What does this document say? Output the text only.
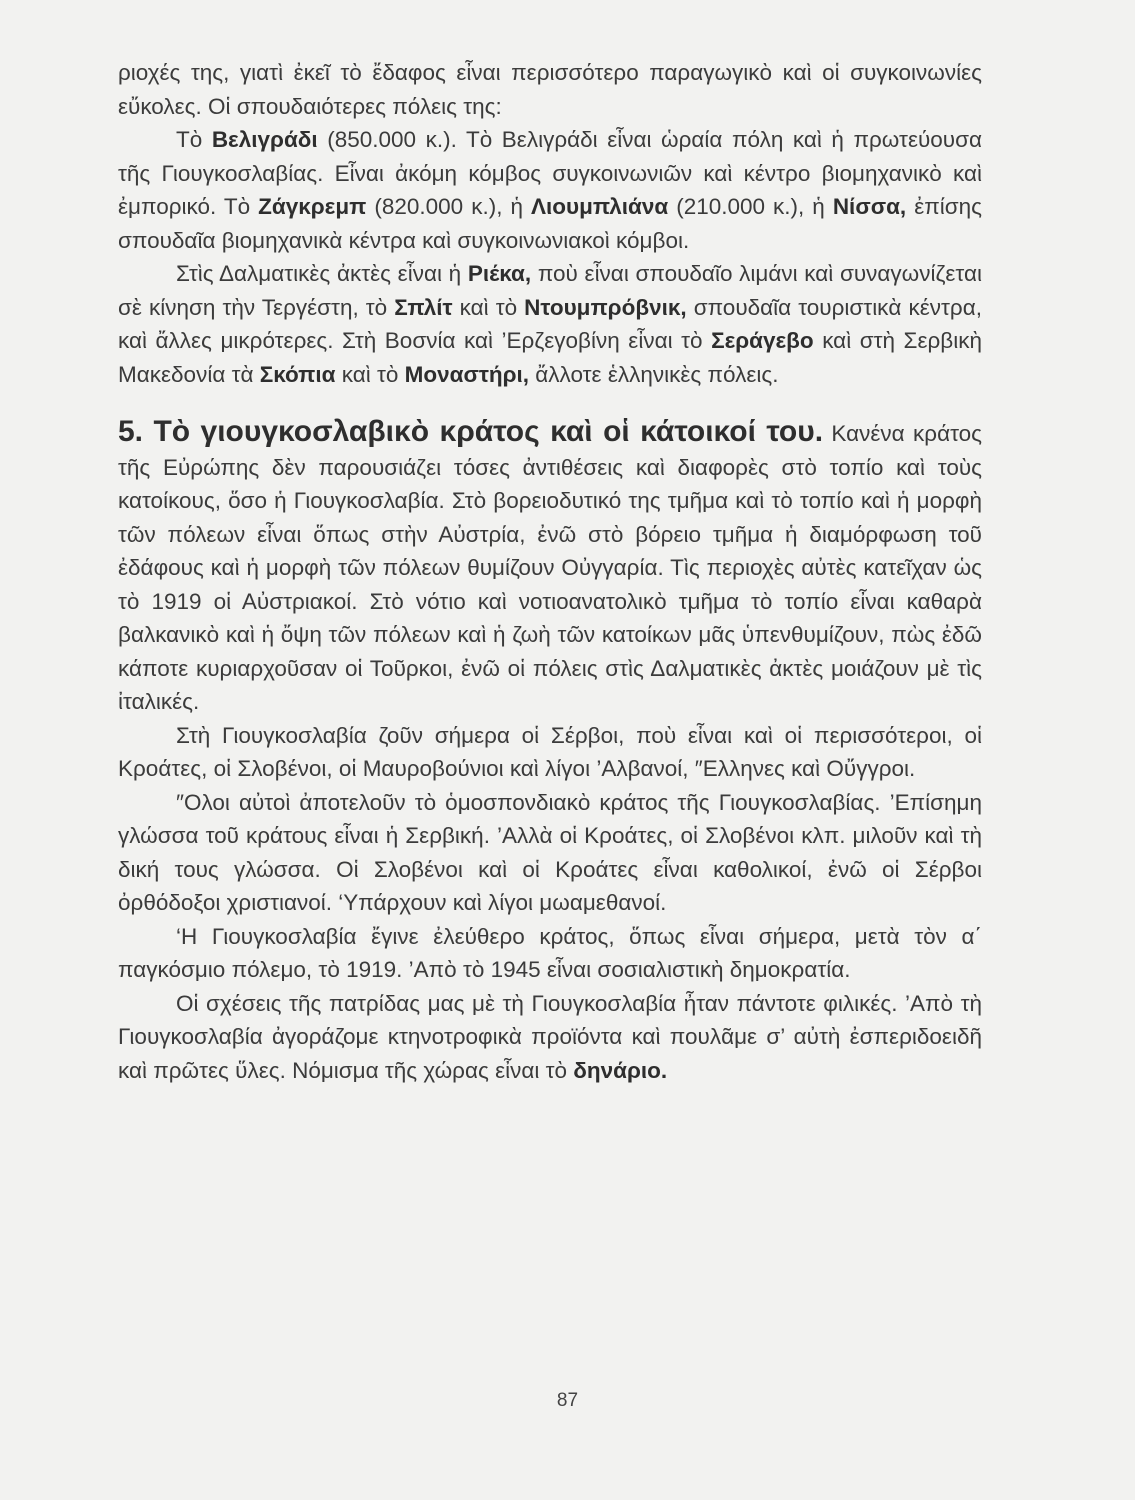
ριοχές της, γιατὶ ἐκεῖ τὸ ἔδαφος εἶναι περισσότερο παραγωγικὸ καὶ οἱ συγκοινωνίες εὔκολες. Οἱ σπουδαιότερες πόλεις της:

Τὸ Βελιγράδι (850.000 κ.). Τὸ Βελιγράδι εἶναι ὡραία πόλη καὶ ἡ πρωτεύουσα τῆς Γιουγκοσλαβίας. Εἶναι ἀκόμη κόμβος συγκοινωνιῶν καὶ κέντρο βιομηχανικὸ καὶ ἐμπορικό. Τὸ Ζάγκρεμπ (820.000 κ.), ἡ Λιουμπλιάνα (210.000 κ.), ἡ Νίσσα, ἐπίσης σπουδαῖα βιομηχανικὰ κέντρα καὶ συγκοινωνιακοὶ κόμβοι.

Στὶς Δαλματικὲς ἀκτὲς εἶναι ἡ Ριέκα, ποὺ εἶναι σπουδαῖο λιμάνι καὶ συναγωνίζεται σὲ κίνηση τὴν Τεργέστη, τὸ Σπλίτ καὶ τὸ Ντουμπρόβνικ, σπουδαῖα τουριστικὰ κέντρα, καὶ ἄλλες μικρότερες. Στὴ Βοσνία καὶ ’Ερζεγοβίνη εἶναι τὸ Σεράγεβο καὶ στὴ Σερβικὴ Μακεδονία τὰ Σκόπια καὶ τὸ Μοναστήρι, ἄλλοτε ἑλληνικὲς πόλεις.

5. Τὸ γιουγκοσλαβικὸ κράτος καὶ οἱ κάτοικοί του. Κανένα κράτος τῆς Εὐρώπης δὲν παρουσιάζει τόσες ἀντιθέσεις καὶ διαφορὲς στὸ τοπίο καὶ τοὺς κατοίκους, ὅσο ἡ Γιουγκοσλαβία. Στὸ βορειοδυτικό της τμῆμα καὶ τὸ τοπίο καὶ ἡ μορφὴ τῶν πόλεων εἶναι ὅπως στὴν Αὐστρία, ἐνῶ στὸ βόρειο τμῆμα ἡ διαμόρφωση τοῦ ἐδάφους καὶ ἡ μορφὴ τῶν πόλεων θυμίζουν Οὐγγαρία. Τὶς περιοχὲς αὐτὲς κατεῖχαν ὡς τὸ 1919 οἱ Αὐστριακοί. Στὸ νότιο καὶ νοτιοανατολικὸ τμῆμα τὸ τοπίο εἶναι καθαρὰ βαλκανικὸ καὶ ἡ ὄψη τῶν πόλεων καὶ ἡ ζωὴ τῶν κατοίκων μᾶς ὑπενθυμίζουν, πὼς ἐδῶ κάποτε κυριαρχοῦσαν οἱ Τοῦρκοι, ἐνῶ οἱ πόλεις στὶς Δαλματικὲς ἀκτὲς μοιάζουν μὲ τὶς ἰταλικές.

Στὴ Γιουγκοσλαβία ζοῦν σήμερα οἱ Σέρβοι, ποὺ εἶναι καὶ οἱ περισσότεροι, οἱ Κροάτες, οἱ Σλοβένοι, οἱ Μαυροβούνιοι καὶ λίγοι ’Αλβανοί, ″Ελληνες καὶ Οὔγγροι.

″Ολοι αὐτοὶ ἀποτελοῦν τὸ ὁμοσπονδιακὸ κράτος τῆς Γιουγκοσλαβίας. ’Επίσημη γλώσσα τοῦ κράτους εἶναι ἡ Σερβική. ’Αλλὰ οἱ Κροάτες, οἱ Σλοβένοι κλπ. μιλοῦν καὶ τὴ δική τους γλώσσα. Οἱ Σλοβένοι καὶ οἱ Κροάτες εἶναι καθολικοί, ἐνῶ οἱ Σέρβοι ὀρθόδοξοι χριστιανοί. ‘Υπάρχουν καὶ λίγοι μωαμεθανοί.

‘Η Γιουγκοσλαβία ἔγινε ἐλεύθερο κράτος, ὅπως εἶναι σήμερα, μετὰ τὸν α΄ παγκόσμιο πόλεμο, τὸ 1919. ’Απὸ τὸ 1945 εἶναι σοσιαλιστικὴ δημοκρατία.

Οἱ σχέσεις τῆς πατρίδας μας μὲ τὴ Γιουγκοσλαβία ἦταν πάντοτε φιλικές. ’Απὸ τὴ Γιουγκοσλαβία ἀγοράζομε κτηνοτροφικὰ προϊόντα καὶ πουλᾶμε σ’ αὐτὴ ἐσπεριδοειδῆ καὶ πρῶτες ὕλες. Νόμισμα τῆς χώρας εἶναι τὸ δηνάριο.

87
